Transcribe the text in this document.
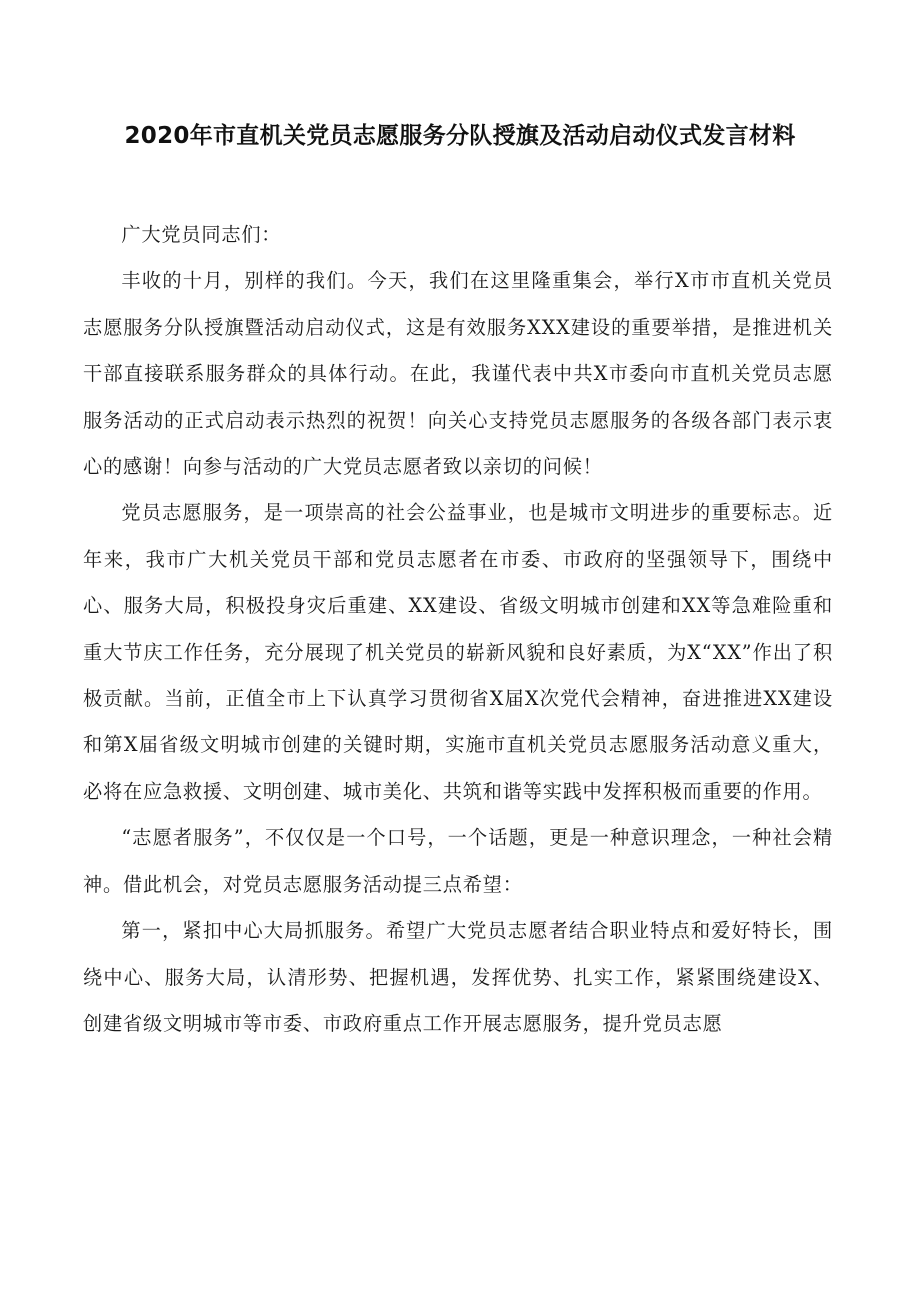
2020年市直机关党员志愿服务分队授旗及活动启动仪式发言材料

广大党员同志们：

丰收的十月，别样的我们。今天，我们在这里隆重集会，举行X市市直机关党员志愿服务分队授旗暨活动启动仪式，这是有效服务XXX建设的重要举措，是推进机关干部直接联系服务群众的具体行动。在此，我谨代表中共X市委向市直机关党员志愿服务活动的正式启动表示热烈的祝贺！向关心支持党员志愿服务的各级各部门表示衷心的感谢！向参与活动的广大党员志愿者致以亲切的问候！

党员志愿服务，是一项崇高的社会公益事业，也是城市文明进步的重要标志。近年来，我市广大机关党员干部和党员志愿者在市委、市政府的坚强领导下，围绕中心、服务大局，积极投身灾后重建、XX建设、省级文明城市创建和XX等急难险重和重大节庆工作任务，充分展现了机关党员的崭新风貌和良好素质，为X“XX”作出了积极贡献。当前，正值全市上下认真学习贯彻省X届X次党代会精神，奋进推进XX建设和第X届省级文明城市创建的关键时期，实施市直机关党员志愿服务活动意义重大，必将在应急救援、文明创建、城市美化、共筑和谐等实践中发挥积极而重要的作用。

“志愿者服务”，不仅仅是一个口号，一个话题，更是一种意识理念，一种社会精神。借此机会，对党员志愿服务活动提三点希望：

第一，紧扣中心大局抓服务。希望广大党员志愿者结合职业特点和爱好特长，围绕中心、服务大局，认清形势、把握机遇，发挥优势、扎实工作，紧紧围绕建设X、创建省级文明城市等市委、市政府重点工作开展志愿服务，提升党员志愿
